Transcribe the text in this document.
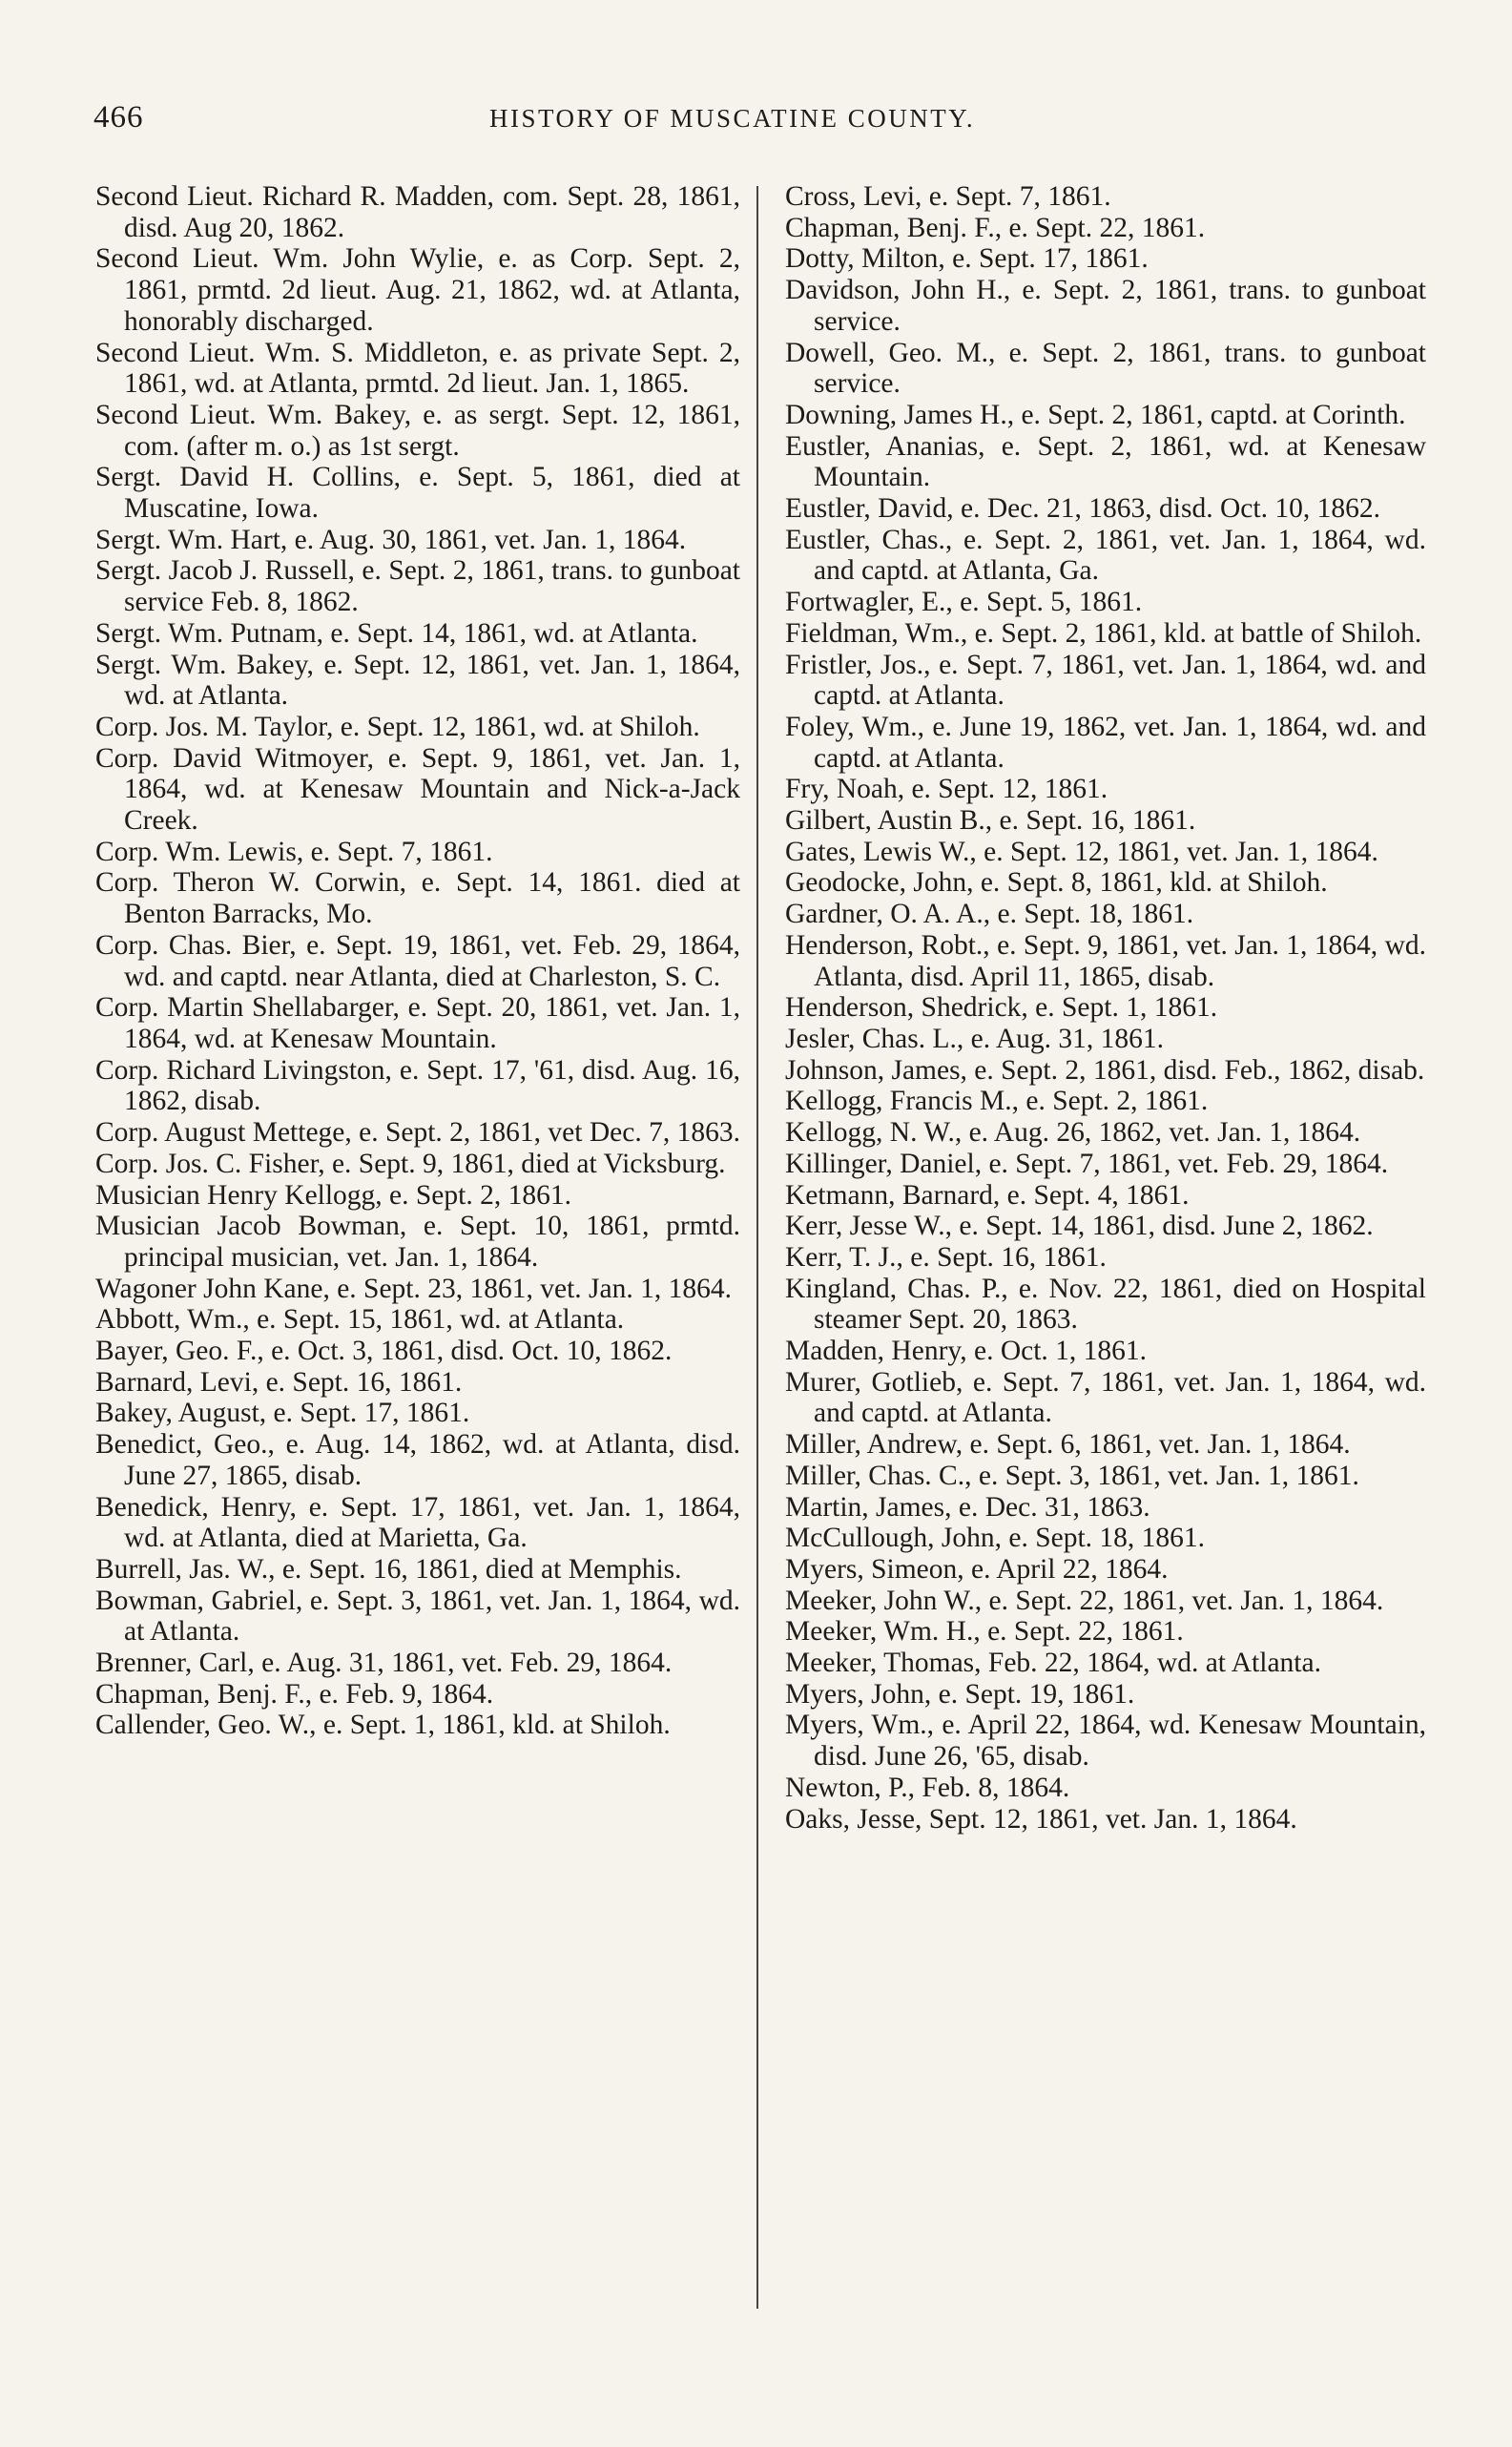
466	HISTORY OF MUSCATINE COUNTY.

Second Lieut. Richard R. Madden, com. Sept. 28, 1861, disd. Aug 20, 1862.

Second Lieut. Wm. John Wylie, e. as Corp. Sept. 2, 1861, prmtd. 2d lieut. Aug. 21, 1862, wd. at Atlanta, honorably discharged.

Second Lieut. Wm. S. Middleton, e. as private Sept. 2, 1861, wd. at Atlanta, prmtd. 2d lieut. Jan. 1, 1865.

Second Lieut. Wm. Bakey, e. as sergt. Sept. 12, 1861, com. (after m. o.) as 1st sergt.

Sergt. David H. Collins, e. Sept. 5, 1861, died at Muscatine, Iowa.

Sergt. Wm. Hart, e. Aug. 30, 1861, vet. Jan. 1, 1864.

Sergt. Jacob J. Russell, e. Sept. 2, 1861, trans. to gunboat service Feb. 8, 1862.

Sergt. Wm. Putnam, e. Sept. 14, 1861, wd. at Atlanta.

Sergt. Wm. Bakey, e. Sept. 12, 1861, vet. Jan. 1, 1864, wd. at Atlanta.

Corp. Jos. M. Taylor, e. Sept. 12, 1861, wd. at Shiloh.

Corp. David Witmoyer, e. Sept. 9, 1861, vet. Jan. 1, 1864, wd. at Kenesaw Mountain and Nick-a-Jack Creek.

Corp. Wm. Lewis, e. Sept. 7, 1861.

Corp. Theron W. Corwin, e. Sept. 14, 1861. died at Benton Barracks, Mo.

Corp. Chas. Bier, e. Sept. 19, 1861, vet. Feb. 29, 1864, wd. and captd. near Atlanta, died at Charleston, S. C.

Corp. Martin Shellabarger, e. Sept. 20, 1861, vet. Jan. 1, 1864, wd. at Kenesaw Mountain.

Corp. Richard Livingston, e. Sept. 17, '61, disd. Aug. 16, 1862, disab.

Corp. August Mettege, e. Sept. 2, 1861, vet Dec. 7, 1863.

Corp. Jos. C. Fisher, e. Sept. 9, 1861, died at Vicksburg.

Musician Henry Kellogg, e. Sept. 2, 1861.

Musician Jacob Bowman, e. Sept. 10, 1861, prmtd. principal musician, vet. Jan. 1, 1864.

Wagoner John Kane, e. Sept. 23, 1861, vet. Jan. 1, 1864.

Abbott, Wm., e. Sept. 15, 1861, wd. at Atlanta.

Bayer, Geo. F., e. Oct. 3, 1861, disd. Oct. 10, 1862.

Barnard, Levi, e. Sept. 16, 1861.

Bakey, August, e. Sept. 17, 1861.

Benedict, Geo., e. Aug. 14, 1862, wd. at Atlanta, disd. June 27, 1865, disab.

Benedick, Henry, e. Sept. 17, 1861, vet. Jan. 1, 1864, wd. at Atlanta, died at Marietta, Ga.

Burrell, Jas. W., e. Sept. 16, 1861, died at Memphis.

Bowman, Gabriel, e. Sept. 3, 1861, vet. Jan. 1, 1864, wd. at Atlanta.

Brenner, Carl, e. Aug. 31, 1861, vet. Feb. 29, 1864.

Chapman, Benj. F., e. Feb. 9, 1864.

Callender, Geo. W., e. Sept. 1, 1861, kld. at Shiloh.

Cross, Levi, e. Sept. 7, 1861.

Chapman, Benj. F., e. Sept. 22, 1861.

Dotty, Milton, e. Sept. 17, 1861.

Davidson, John H., e. Sept. 2, 1861, trans. to gunboat service.

Dowell, Geo. M., e. Sept. 2, 1861, trans. to gunboat service.

Downing, James H., e. Sept. 2, 1861, captd. at Corinth.

Eustler, Ananias, e. Sept. 2, 1861, wd. at Kenesaw Mountain.

Eustler, David, e. Dec. 21, 1863, disd. Oct. 10, 1862.

Eustler, Chas., e. Sept. 2, 1861, vet. Jan. 1, 1864, wd. and captd. at Atlanta, Ga.

Fortwagler, E., e. Sept. 5, 1861.

Fieldman, Wm., e. Sept. 2, 1861, kld. at battle of Shiloh.

Fristler, Jos., e. Sept. 7, 1861, vet. Jan. 1, 1864, wd. and captd. at Atlanta.

Foley, Wm., e. June 19, 1862, vet. Jan. 1, 1864, wd. and captd. at Atlanta.

Fry, Noah, e. Sept. 12, 1861.

Gilbert, Austin B., e. Sept. 16, 1861.

Gates, Lewis W., e. Sept. 12, 1861, vet. Jan. 1, 1864.

Geodocke, John, e. Sept. 8, 1861, kld. at Shiloh.

Gardner, O. A. A., e. Sept. 18, 1861.

Henderson, Robt., e. Sept. 9, 1861, vet. Jan. 1, 1864, wd. Atlanta, disd. April 11, 1865, disab.

Henderson, Shedrick, e. Sept. 1, 1861.

Jesler, Chas. L., e. Aug. 31, 1861.

Johnson, James, e. Sept. 2, 1861, disd. Feb., 1862, disab.

Kellogg, Francis M., e. Sept. 2, 1861.

Kellogg, N. W., e. Aug. 26, 1862, vet. Jan. 1, 1864.

Killinger, Daniel, e. Sept. 7, 1861, vet. Feb. 29, 1864.

Ketmann, Barnard, e. Sept. 4, 1861.

Kerr, Jesse W., e. Sept. 14, 1861, disd. June 2, 1862.

Kerr, T. J., e. Sept. 16, 1861.

Kingland, Chas. P., e. Nov. 22, 1861, died on Hospital steamer Sept. 20, 1863.

Madden, Henry, e. Oct. 1, 1861.

Murer, Gotlieb, e. Sept. 7, 1861, vet. Jan. 1, 1864, wd. and captd. at Atlanta.

Miller, Andrew, e. Sept. 6, 1861, vet. Jan. 1, 1864.

Miller, Chas. C., e. Sept. 3, 1861, vet. Jan. 1, 1861.

Martin, James, e. Dec. 31, 1863.

McCullough, John, e. Sept. 18, 1861.

Myers, Simeon, e. April 22, 1864.

Meeker, John W., e. Sept. 22, 1861, vet. Jan. 1, 1864.

Meeker, Wm. H., e. Sept. 22, 1861.

Meeker, Thomas, Feb. 22, 1864, wd. at Atlanta.

Myers, John, e. Sept. 19, 1861.

Myers, Wm., e. April 22, 1864, wd. Kenesaw Mountain, disd. June 26, '65, disab.

Newton, P., Feb. 8, 1864.

Oaks, Jesse, Sept. 12, 1861, vet. Jan. 1, 1864.
